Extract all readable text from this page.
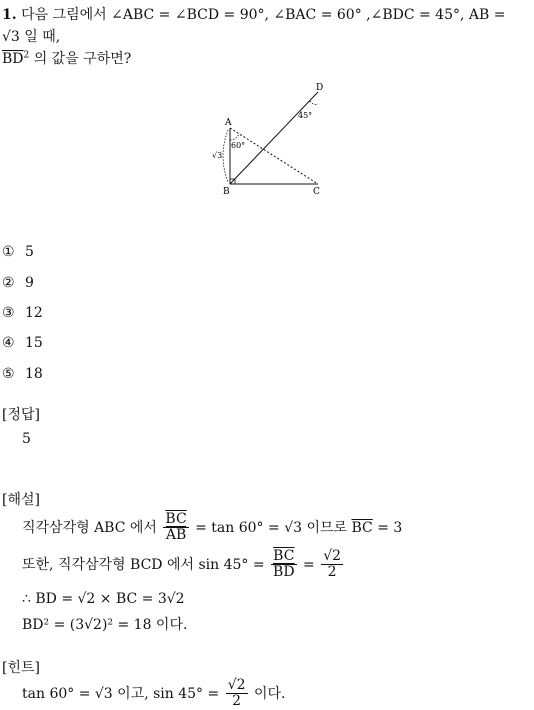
1. 다음 그림에서 ∠ABC = ∠BCD = 90°, ∠BAC = 60° ,∠BDC = 45°, AB =
√3 일 때,
$\overline{BD}^2$ 의 값을 구하면?
A
B	C
D
60°
45°
√3
① 5
② 9
③ 12
④ 15
⑤ 18
[정답]
5
[해설]
직각삼각형 ABC 에서 $\frac{\overline{BC}}{AB} = \tan 60^\circ = √3$ 이므로 $\overline{BC} = 3$
또한, 직각삼각형 BCD 에서 $\sin 45^\circ = \frac{\overline{BC}}{BD} = \frac{√2}{2}$
∴ BD = √2 × BC = 3√2
BD² = (3√2)² = 18 이다.
[힌트]
tan 60° = √3 이고, $\sin 45^\circ = \frac{√2}{2}$ 이다.
